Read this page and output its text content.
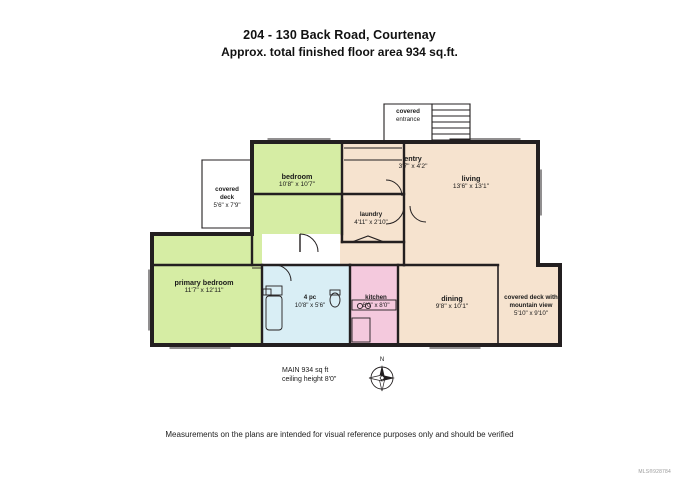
204 - 130 Back Road, Courtenay
Approx. total finished floor area 934 sq.ft.
covered
entrance
entry
3'7" x 4'2"
bedroom
10'8" x 10'7"
living
13'6" x 13'1"
covered
deck
5'6" x 7'9"
laundry
4'11" x 2'10"
primary bedroom
11'7" x 12'11"
4 pc
10'8" x 5'6"
kitchen
8'0" x 8'0"
dining
9'8" x 10'1"
covered deck with
mountain view
5'10" x 9'10"
MAIN 934 sq ft
ceiling height 8'0"
N
Measurements on the plans are intended for visual reference purposes only and should be verified
MLS®928784
